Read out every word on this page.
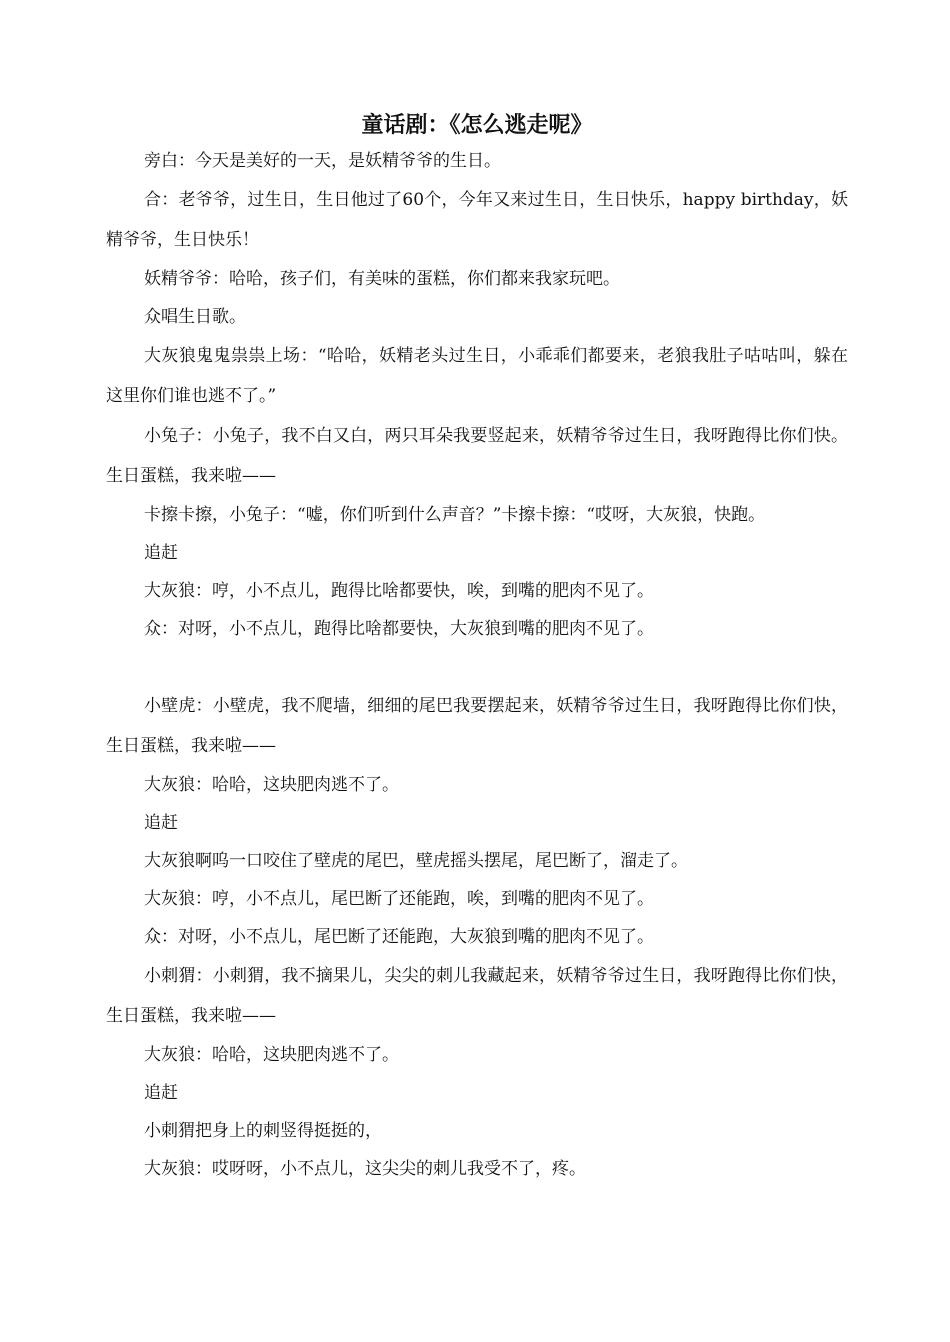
童话剧：《怎么逃走呢》

旁白：今天是美好的一天，是妖精爷爷的生日。

合：老爷爷，过生日，生日他过了60个，今年又来过生日，生日快乐，happy birthday，妖精爷爷，生日快乐！

妖精爷爷：哈哈，孩子们，有美味的蛋糕，你们都来我家玩吧。

众唱生日歌。

大灰狼鬼鬼祟祟上场：“哈哈，妖精老头过生日，小乖乖们都要来，老狼我肚子咕咕叫，躲在这里你们谁也逃不了。”

小兔子：小兔子，我不白又白，两只耳朵我要竖起来，妖精爷爷过生日，我呀跑得比你们快。生日蛋糕，我来啦——

卡擦卡擦，小兔子：“嘘，你们听到什么声音？”卡擦卡擦：“哎呀，大灰狼，快跑。

追赶

大灰狼：哼，小不点儿，跑得比啥都要快，唉，到嘴的肥肉不见了。

众：对呀，小不点儿，跑得比啥都要快，大灰狼到嘴的肥肉不见了。

小壁虎：小壁虎，我不爬墙，细细的尾巴我要摆起来，妖精爷爷过生日，我呀跑得比你们快，生日蛋糕，我来啦——

大灰狼：哈哈，这块肥肉逃不了。

追赶

大灰狼啊呜一口咬住了壁虎的尾巴，壁虎摇头摆尾，尾巴断了，溜走了。

大灰狼：哼，小不点儿，尾巴断了还能跑，唉，到嘴的肥肉不见了。

众：对呀，小不点儿，尾巴断了还能跑，大灰狼到嘴的肥肉不见了。

小刺猬：小刺猬，我不摘果儿，尖尖的刺儿我藏起来，妖精爷爷过生日，我呀跑得比你们快，生日蛋糕，我来啦——

大灰狼：哈哈，这块肥肉逃不了。

追赶

小刺猬把身上的刺竖得挺挺的，

大灰狼：哎呀呀，小不点儿，这尖尖的刺儿我受不了，疼。
